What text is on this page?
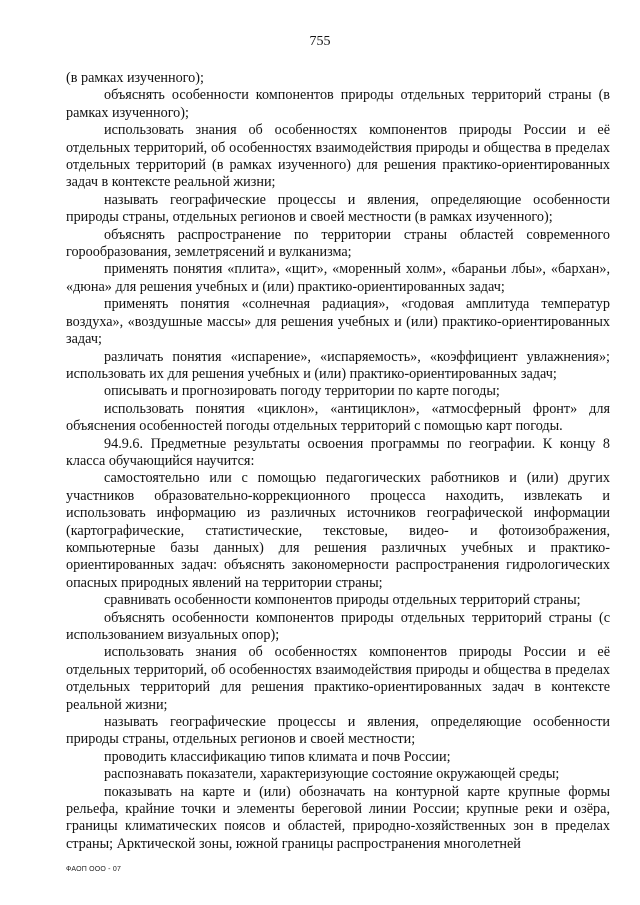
755

(в рамках изученного);

объяснять особенности компонентов природы отдельных территорий страны (в рамках изученного);

использовать знания об особенностях компонентов природы России и её отдельных территорий, об особенностях взаимодействия природы и общества в пределах отдельных территорий (в рамках изученного) для решения практико-ориентированных задач в контексте реальной жизни;

называть географические процессы и явления, определяющие особенности природы страны, отдельных регионов и своей местности (в рамках изученного);

объяснять распространение по территории страны областей современного горообразования, землетрясений и вулканизма;

применять понятия «плита», «щит», «моренный холм», «бараньи лбы», «бархан», «дюна» для решения учебных и (или) практико-ориентированных задач;

применять понятия «солнечная радиация», «годовая амплитуда температур воздуха», «воздушные массы» для решения учебных и (или) практико-ориентированных задач;

различать понятия «испарение», «испаряемость», «коэффициент увлажнения»; использовать их для решения учебных и (или) практико-ориентированных задач;

описывать и прогнозировать погоду территории по карте погоды;

использовать понятия «циклон», «антициклон», «атмосферный фронт» для объяснения особенностей погоды отдельных территорий с помощью карт погоды.

94.9.6. Предметные результаты освоения программы по географии. К концу 8 класса обучающийся научится:

самостоятельно или с помощью педагогических работников и (или) других участников образовательно-коррекционного процесса находить, извлекать и использовать информацию из различных источников географической информации (картографические, статистические, текстовые, видео- и фотоизображения, компьютерные базы данных) для решения различных учебных и практико-ориентированных задач: объяснять закономерности распространения гидрологических опасных природных явлений на территории страны;

сравнивать особенности компонентов природы отдельных территорий страны;

объяснять особенности компонентов природы отдельных территорий страны (с использованием визуальных опор);

использовать знания об особенностях компонентов природы России и её отдельных территорий, об особенностях взаимодействия природы и общества в пределах отдельных территорий для решения практико-ориентированных задач в контексте реальной жизни;

называть географические процессы и явления, определяющие особенности природы страны, отдельных регионов и своей местности;

проводить классификацию типов климата и почв России;

распознавать показатели, характеризующие состояние окружающей среды;

показывать на карте и (или) обозначать на контурной карте крупные формы рельефа, крайние точки и элементы береговой линии России; крупные реки и озёра, границы климатических поясов и областей, природно-хозяйственных зон в пределах страны; Арктической зоны, южной границы распространения многолетней

ФАОП ООО - 07
